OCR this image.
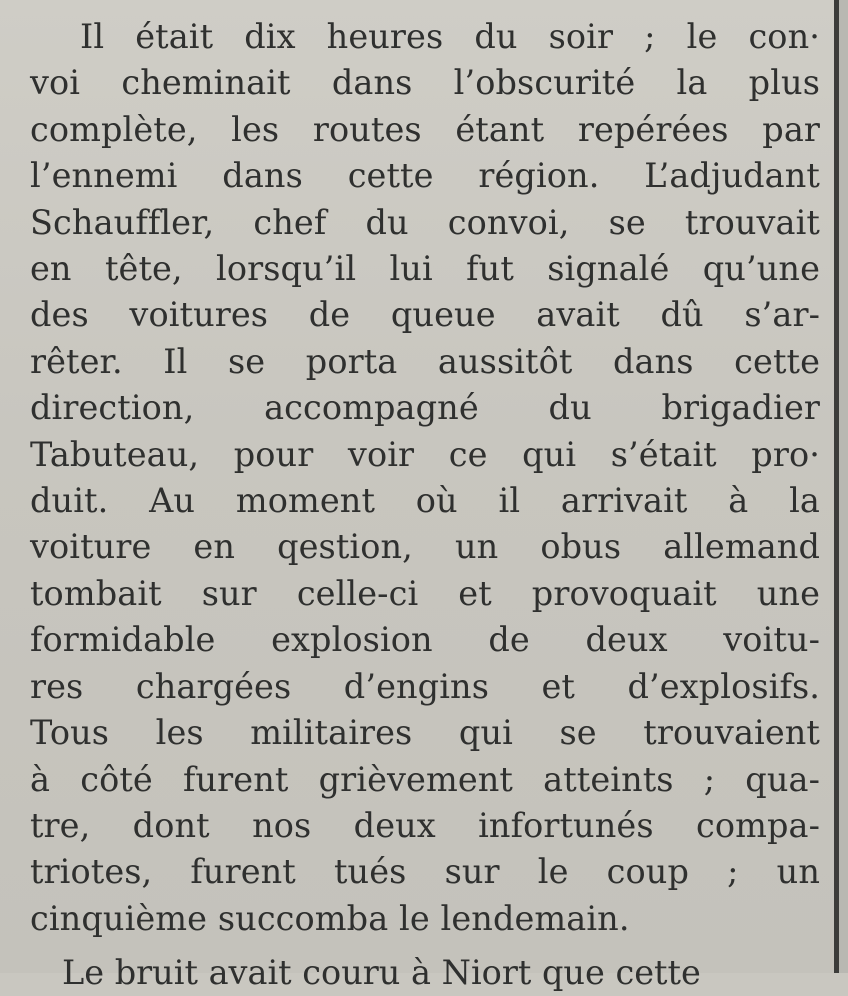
Il était dix heures du soir ; le con·
voi cheminait dans l’obscurité la plus
complète, les routes étant repérées par
l’ennemi dans cette région. L’adjudant
Schauffler, chef du convoi, se trouvait
en tête, lorsqu’il lui fut signalé qu’une
des voitures de queue avait dû s’ar-
rêter. Il se porta aussitôt dans cette
direction, accompagné du brigadier
Tabuteau, pour voir ce qui s’était pro·
duit. Au moment où il arrivait à la
voiture en qestion, un obus allemand
tombait sur celle-ci et provoquait une
formidable explosion de deux voitu-
res chargées d’engins et d’explosifs.
Tous les militaires qui se trouvaient
à côté furent grièvement atteints ; qua-
tre, dont nos deux infortunés compa-
triotes, furent tués sur le coup ; un
cinquième succomba le lendemain.
Le bruit avait couru à Niort que cette
